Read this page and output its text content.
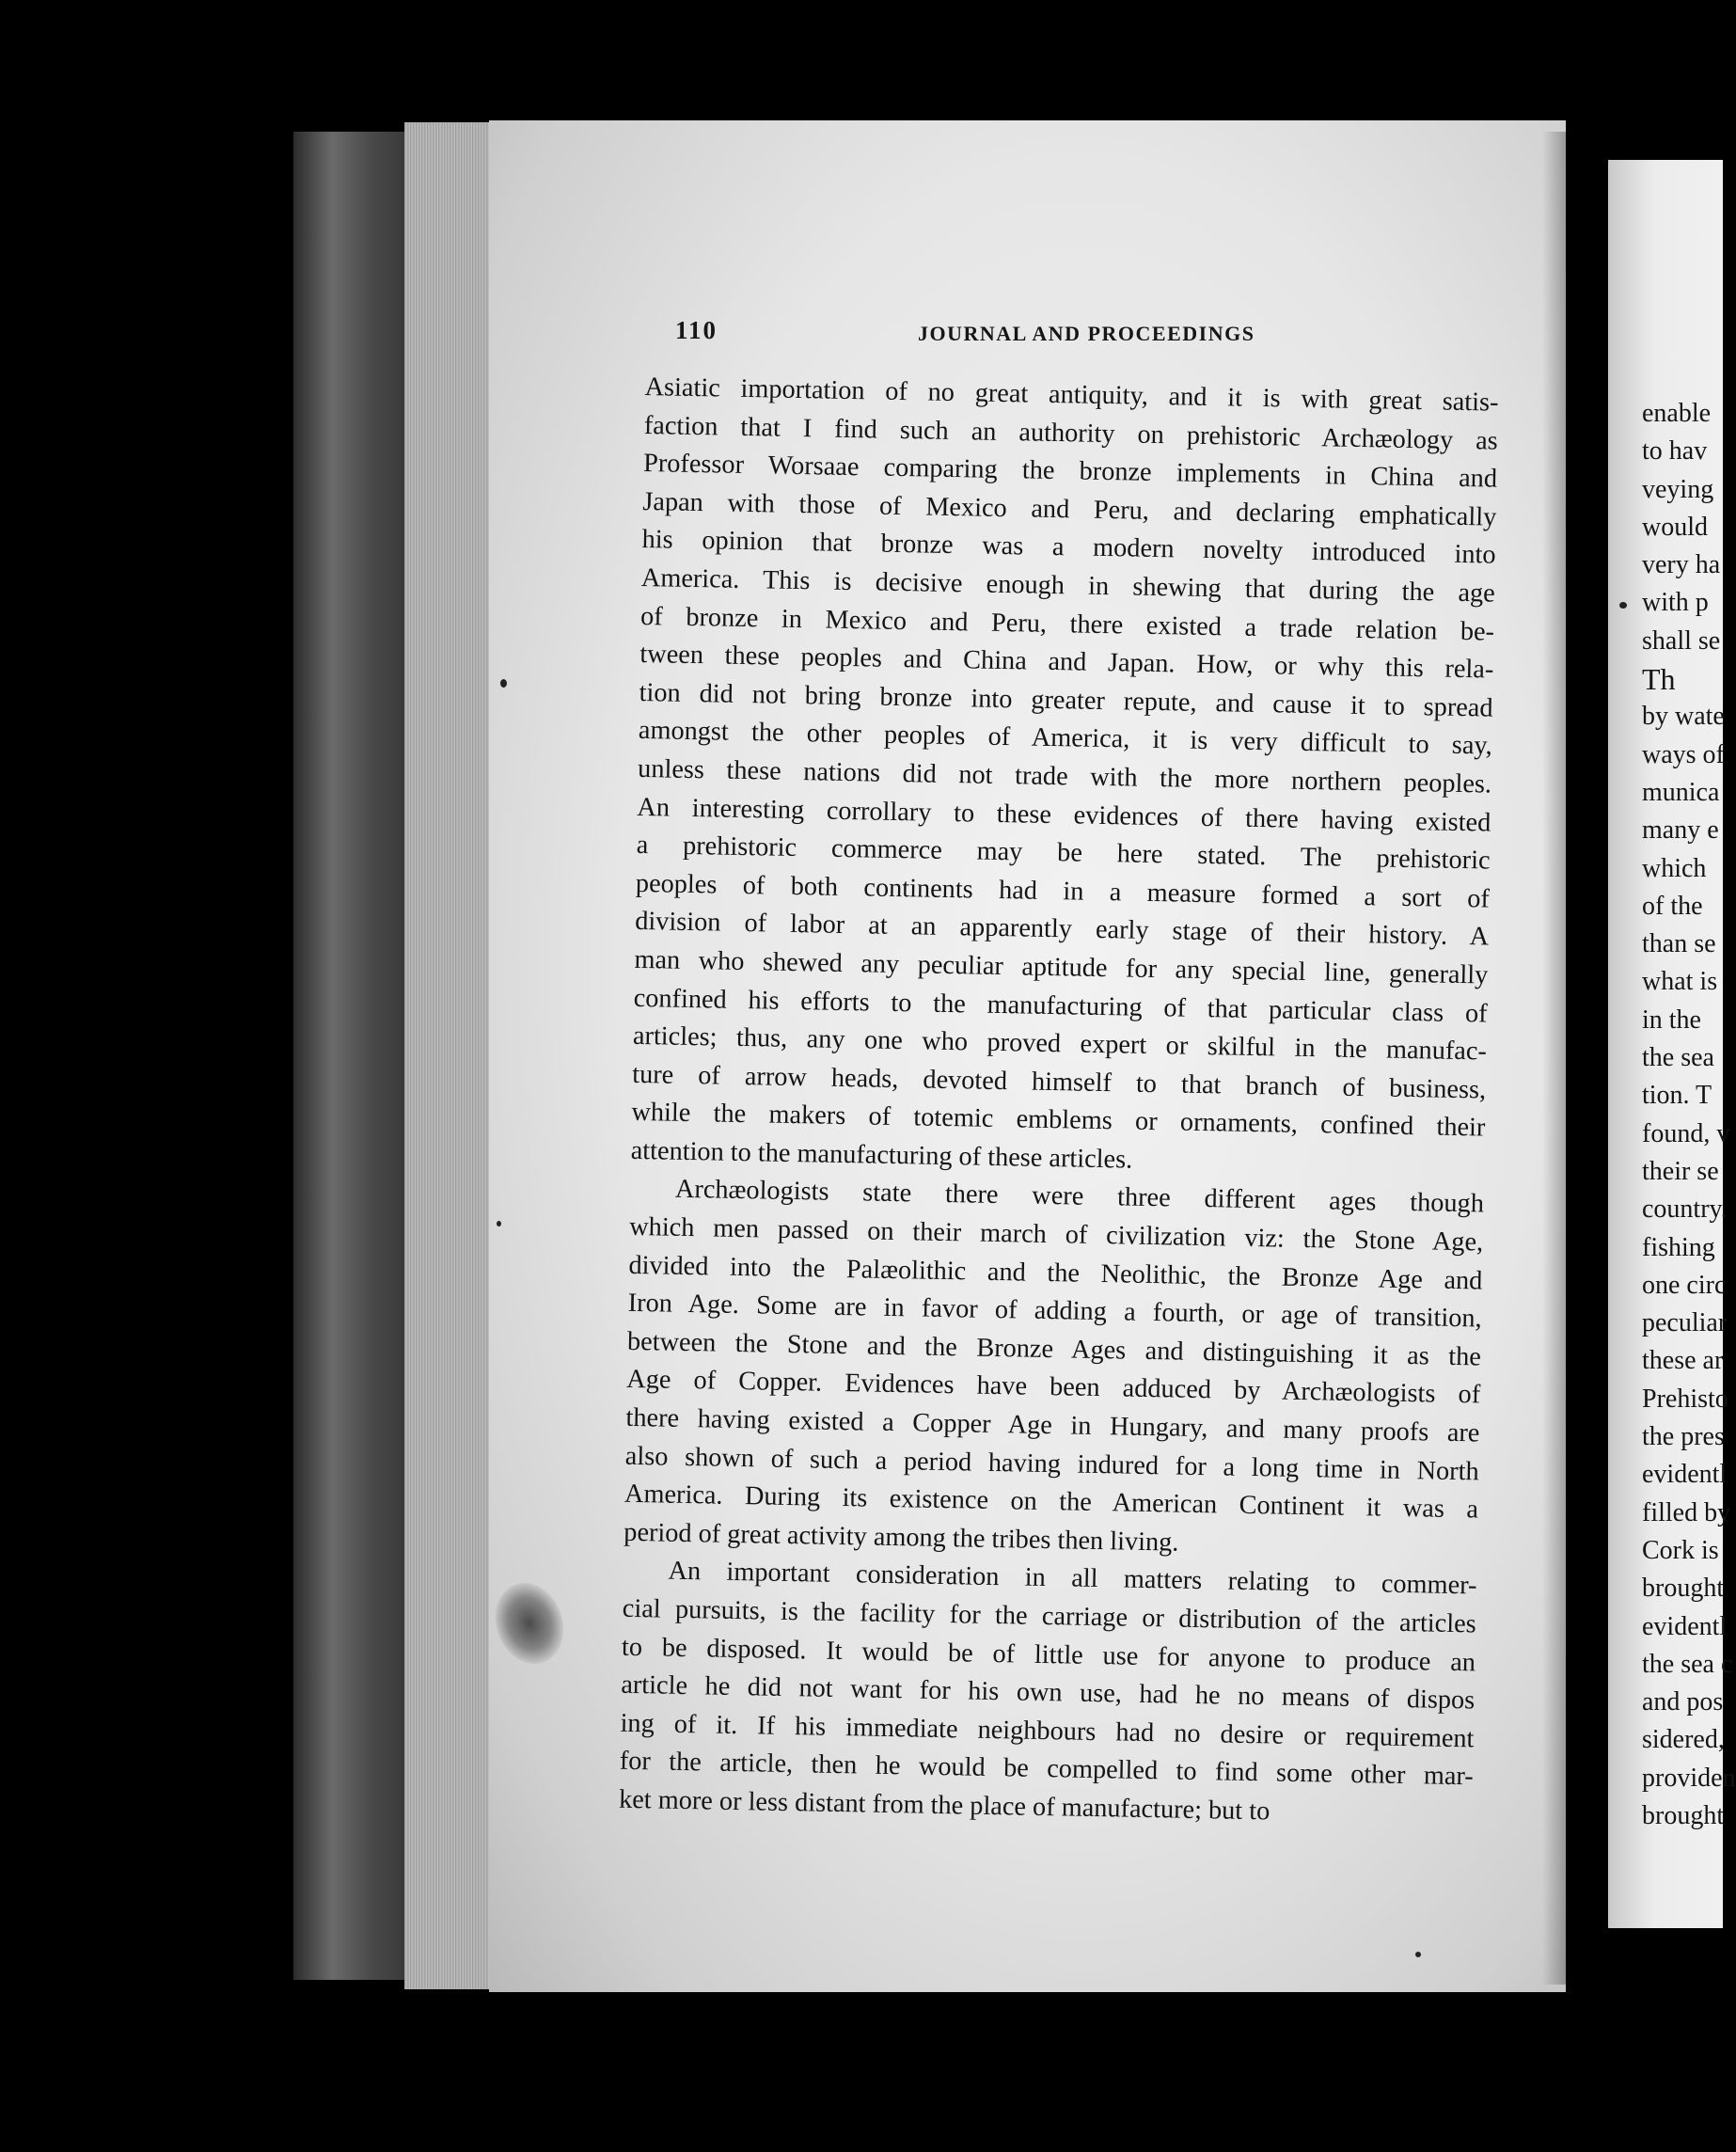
110	JOURNAL AND PROCEEDINGS
Asiatic importation of no great antiquity, and it is with great satis-
faction that I find such an authority on prehistoric Archæology as
Professor Worsaae comparing the bronze implements in China and
Japan with those of Mexico and Peru, and declaring emphatically
his opinion that bronze was a modern novelty introduced into
America. This is decisive enough in shewing that during the age
of bronze in Mexico and Peru, there existed a trade relation be-
tween these peoples and China and Japan. How, or why this rela-
tion did not bring bronze into greater repute, and cause it to spread
amongst the other peoples of America, it is very difficult to say,
unless these nations did not trade with the more northern peoples.
An interesting corrollary to these evidences of there having existed
a prehistoric commerce may be here stated. The prehistoric
peoples of both continents had in a measure formed a sort of
division of labor at an apparently early stage of their history. A
man who shewed any peculiar aptitude for any special line, generally
confined his efforts to the manufacturing of that particular class of
articles; thus, any one who proved expert or skilful in the manufac-
ture of arrow heads, devoted himself to that branch of business,
while the makers of totemic emblems or ornaments, confined their
attention to the manufacturing of these articles.
Archæologists state there were three different ages though
which men passed on their march of civilization viz: the Stone Age,
divided into the Palæolithic and the Neolithic, the Bronze Age and
Iron Age. Some are in favor of adding a fourth, or age of transition,
between the Stone and the Bronze Ages and distinguishing it as the
Age of Copper. Evidences have been adduced by Archæologists of
there having existed a Copper Age in Hungary, and many proofs are
also shown of such a period having indured for a long time in North
America. During its existence on the American Continent it was a
period of great activity among the tribes then living.
An important consideration in all matters relating to commer-
cial pursuits, is the facility for the carriage or distribution of the articles
to be disposed. It would be of little use for anyone to produce an
article he did not want for his own use, had he no means of dispos
ing of it. If his immediate neighbours had no desire or requirement
for the article, then he would be compelled to find some other mar-
ket more or less distant from the place of manufacture; but to
enable
to hav
veying
would
very ha
with p
shall se
Th
by wate
ways of
munica
many e
which
of the
than se
what is
in the
the sea
tion. T
found, v
their se
country.
fishing
one circ
peculiar
these ar
Prehisto
the pres
evidentl
filled by
Cork is
brought
evidentl
the sea c
and pos
sidered,
providen
brought
